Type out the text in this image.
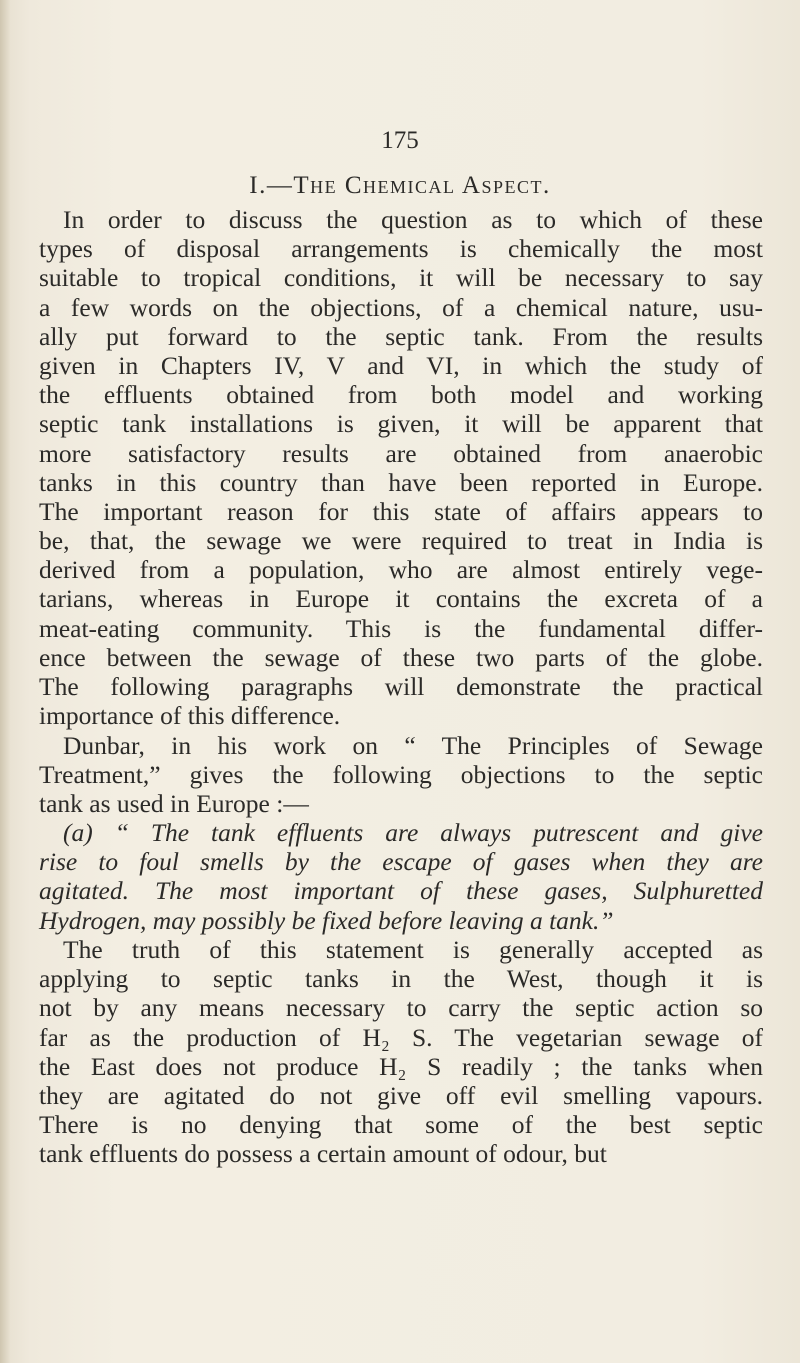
175
I.—The Chemical Aspect.
In order to discuss the question as to which of these
types of disposal arrangements is chemically the most
suitable to tropical conditions, it will be necessary to say
a few words on the objections, of a chemical nature, usu-
ally put forward to the septic tank. From the results
given in Chapters IV, V and VI, in which the study of
the effluents obtained from both model and working
septic tank installations is given, it will be apparent that
more satisfactory results are obtained from anaerobic
tanks in this country than have been reported in Europe.
The important reason for this state of affairs appears to
be, that, the sewage we were required to treat in India is
derived from a population, who are almost entirely vege-
tarians, whereas in Europe it contains the excreta of a
meat-eating community. This is the fundamental differ-
ence between the sewage of these two parts of the globe.
The following paragraphs will demonstrate the practical
importance of this difference.
Dunbar, in his work on “ The Principles of Sewage
Treatment,” gives the following objections to the septic
tank as used in Europe :—
(a) “ The tank effluents are always putrescent and give
rise to foul smells by the escape of gases when they are
agitated. The most important of these gases, Sulphuretted
Hydrogen, may possibly be fixed before leaving a tank.”
The truth of this statement is generally accepted as
applying to septic tanks in the West, though it is
not by any means necessary to carry the septic action so
far as the production of H₂ S. The vegetarian sewage of
the East does not produce H₂ S readily ; the tanks when
they are agitated do not give off evil smelling vapours.
There is no denying that some of the best septic
tank effluents do possess a certain amount of odour, but
